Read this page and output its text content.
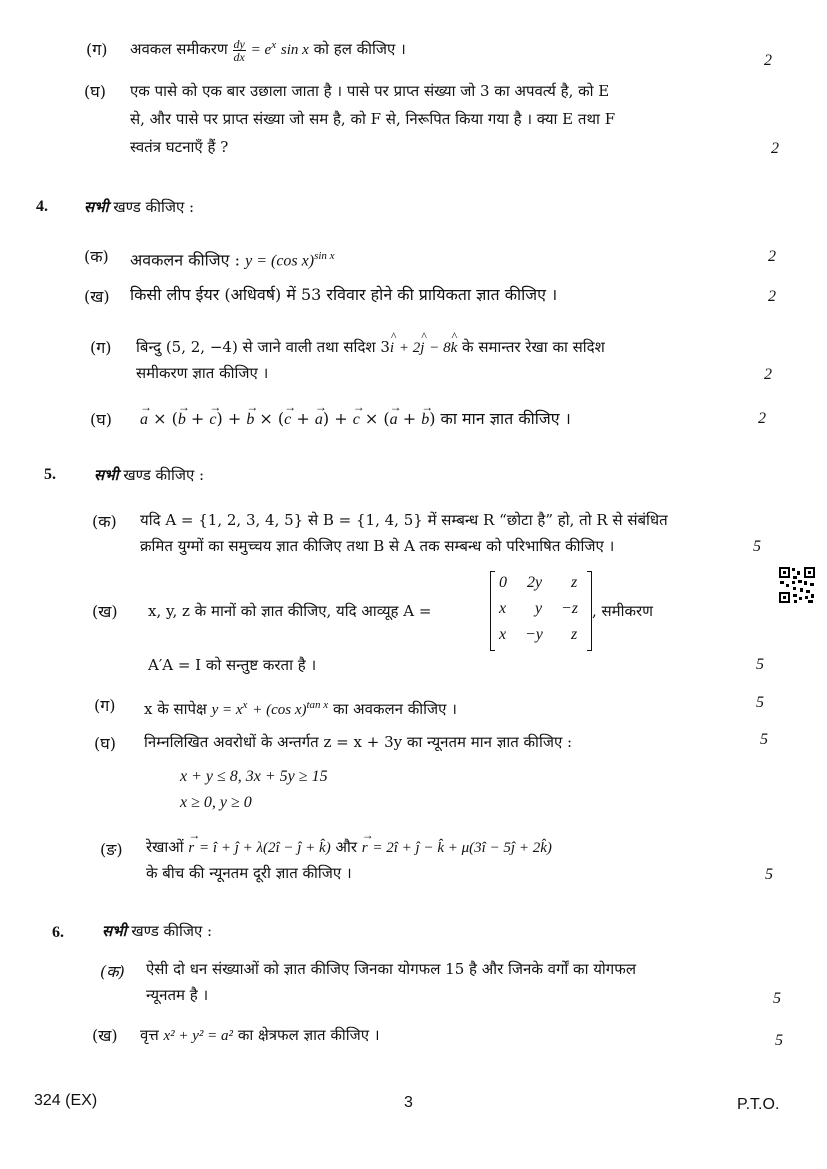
(ग) अवकल समीकरण $\frac{dy}{dx} = e^x$ sin x को हल कीजिए ।
2
(घ) एक पासे को एक बार उछाला जाता है । पासे पर प्राप्त संख्या जो 3 का अपवर्त्य है, को E
से, और पासे पर प्राप्त संख्या जो सम है, को F से, निरूपित किया गया है । क्या E तथा F
स्वतंत्र घटनाएँ हैं ?	2
4. सभी खण्ड कीजिए :
(क) अवकलन कीजिए : y = (cos x)$^{sin x}$	2
(ख) किसी लीप ईयर (अधिवर्ष) में 53 रविवार होने की प्रायिकता ज्ञात कीजिए ।	2
(ग) बिन्दु (5, 2, −4) से जाने वाली तथा सदिश 3^ i + 2^ j − 8^ k के समान्तर रेखा का सदिश
समीकरण ज्ञात कीजिए ।	2
(घ) → a × (→ b + → c) + → b × (→ c + → a) + → c × (→ a + → b) का मान ज्ञात कीजिए ।	2
5.	सभी खण्ड कीजिए :
(क) यदि A = {1, 2, 3, 4, 5} से B = {1, 4, 5} में सम्बन्ध R “छोटा है” हो, तो R से संबंधित
क्रमित युग्मों का समुच्चय ज्ञात कीजिए तथा B से A तक सम्बन्ध को परिभाषित कीजिए ।	5
(ख) x, y, z के मानों को ज्ञात कीजिए, यदि आव्यूह A =
0 2y z
x y −z
x −y z
, समीकरण
A′A = I को सन्तुष्ट करता है ।	5
(ग) x के सापेक्ष $y = x^x + (\cos$ x)$^{tan x}$ का अवकलन कीजिए ।	5
(घ) निम्नलिखित अवरोधों के अन्तर्गत z = x + 3y का न्यूनतम मान ज्ञात कीजिए :	5
x + y ≤ 8, 3x + 5y ≥ 15
x ≥ 0, y ≥ 0
(ङ) रेखाओं → r = î + ĵ + λ(2î − ĵ + k̂) और → r = 2î + ĵ − k̂ + μ(3î − 5ĵ + 2k̂)
के बीच की न्यूनतम दूरी ज्ञात कीजिए ।	5
6.	सभी खण्ड कीजिए :
(क) ऐसी दो धन संख्याओं को ज्ञात कीजिए जिनका योगफल 15 है और जिनके वर्गों का योगफल
न्यूनतम है ।	5
(ख) वृत्त x² + y² = a² का क्षेत्रफल ज्ञात कीजिए ।	5
324 (EX)	3	P.T.O.
